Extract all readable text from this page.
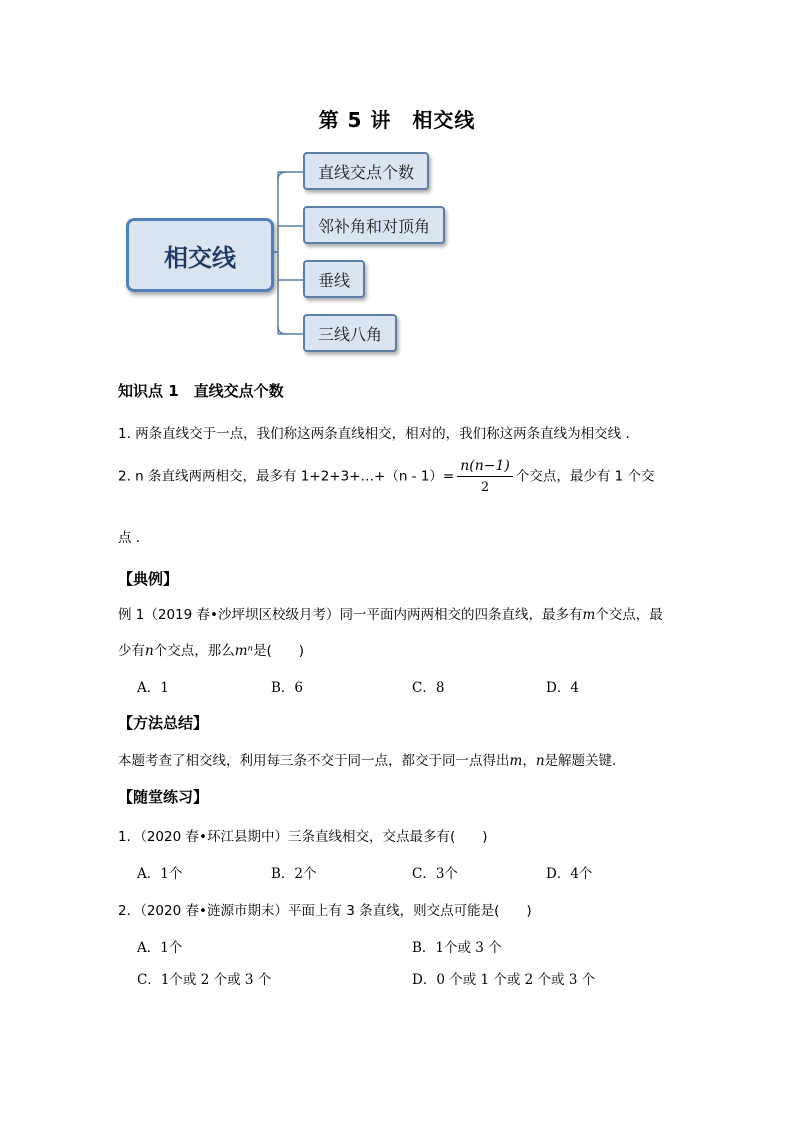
第 5 讲　相交线
相交线
直线交点个数
邻补角和对顶角
垂线
三线八角
知识点 1　直线交点个数
1. 两条直线交于一点，我们称这两条直线相交，相对的，我们称这两条直线为相交线 .
2. n 条直线两两相交，最多有 1+2+3+…+（n - $1)= \frac{n(n-1)}{2}$ 个交点，最少有 1 个交
点 .
【典例】
例 1（2019 春•沙坪坝区校级月考）同一平面内两两相交的四条直线，最多有m个交点，最
少有n个交点，那么mⁿ是(　　)
A．1	B．6	C．8	D．4
【方法总结】
本题考查了相交线，利用每三条不交于同一点，都交于同一点得出m，n是解题关键．
【随堂练习】
1．（2020 春•环江县期中）三条直线相交，交点最多有(　　)
A．1个	B．2个	C．3个	D．4个
2．（2020 春•涟源市期末）平面上有 3 条直线，则交点可能是(　　)
A．1个	B．1个或 3 个
C．1个或 2 个或 3 个	D．0 个或 1 个或 2 个或 3 个
